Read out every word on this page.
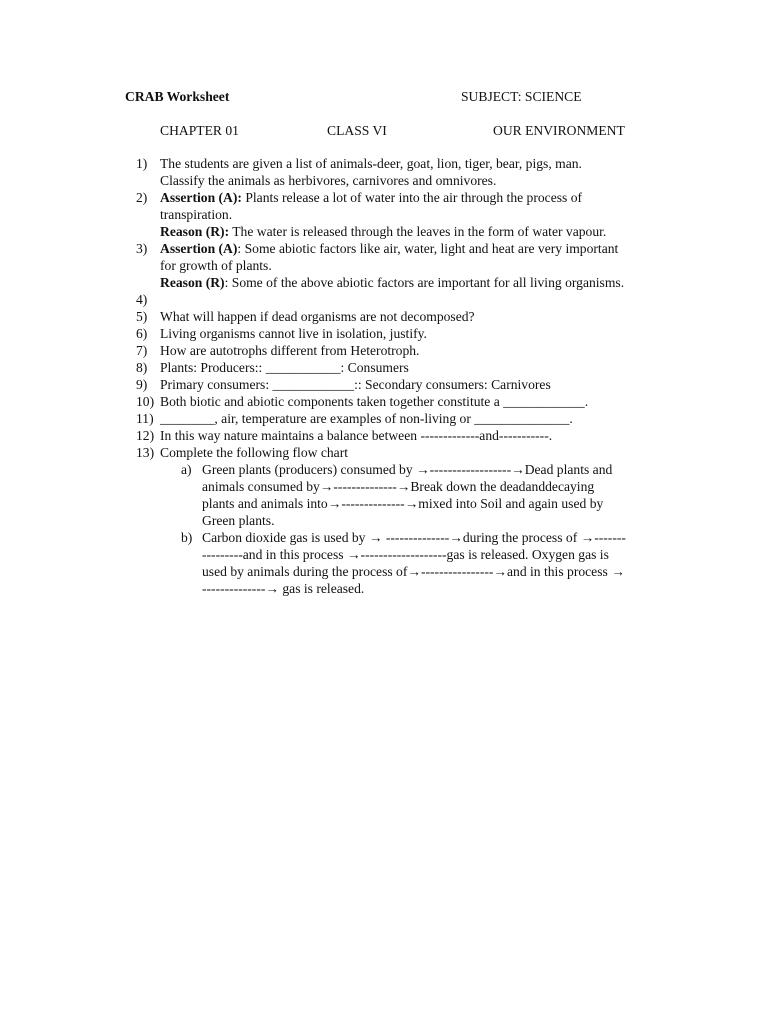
CRAB Worksheet	SUBJECT: SCIENCE
CHAPTER 01	CLASS VI	OUR ENVIRONMENT
1) The students are given a list of animals-deer, goat, lion, tiger, bear, pigs, man.
Classify the animals as herbivores, carnivores and omnivores.
2) Assertion (A): Plants release a lot of water into the air through the process of
transpiration.
Reason (R): The water is released through the leaves in the form of water vapour.
3) Assertion (A): Some abiotic factors like air, water, light and heat are very important
for growth of plants.
Reason (R): Some of the above abiotic factors are important for all living organisms.
4)
5) What will happen if dead organisms are not decomposed?
6) Living organisms cannot live in isolation, justify.
7) How are autotrophs different from Heterotroph.
8) Plants: Producers:: ___________: Consumers
9) Primary consumers: ____________:: Secondary consumers: Carnivores
10) Both biotic and abiotic components taken together constitute a ____________.
11) ________, air, temperature are examples of non-living or ______________.
12) In this way nature maintains a balance between -------------and-----------.
13) Complete the following flow chart
a) Green plants (producers) consumed by →------------------→Dead plants and
animals consumed by→--------------→Break down the deadanddecaying
plants and animals into→--------------→mixed into Soil and again used by
Green plants.
b) Carbon dioxide gas is used by → --------------→during the process of →-------
---------and in this process →-------------------gas is released. Oxygen gas is
used by animals during the process of→----------------→and in this process →
--------------→ gas is released.
